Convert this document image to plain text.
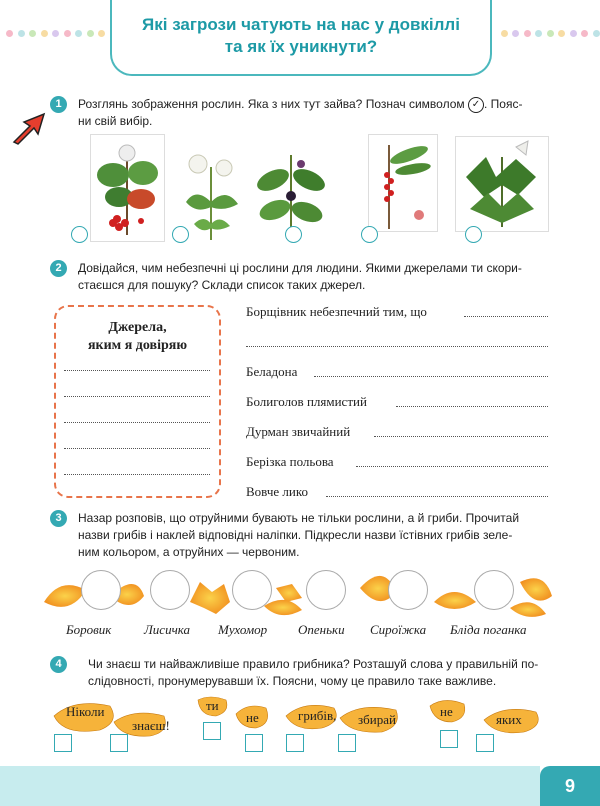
Які загрози чатують на нас у довкіллі
та як їх уникнути?
1	Розглянь зображення рослин. Яка з них тут зайва? Познач символом ✓ . Пояс-
ни свій вибір.
2	Довідайся, чим небезпечні ці рослини для людини. Якими джерелами ти скори-
стаєшся для пошуку? Склади список таких джерел.
Джерела,
яким я довіряю
Борщівник небезпечний тим, що
Беладона
Болиголов плямистий
Дурман звичайний
Берізка польова
Вовче лико
3	Назар розповів, що отруйними бувають не тільки рослини, а й гриби. Прочитай
назви грибів і наклей відповідні наліпки. Підкресли назви їстівних грибів зеле-
ним кольором, а отруйних — червоним.
Боровик	Лисичка Мухомор Опеньки Сироїжка Бліда поганка
4	Чи знаєш ти найважливіше правило грибника? Розташуй слова у правильній по-
слідовності, пронумерувавши їх. Поясни, чому це правило таке важливе.
Ніколи
знаєш!
ти
не	грибів, збирай
не
яких
9
